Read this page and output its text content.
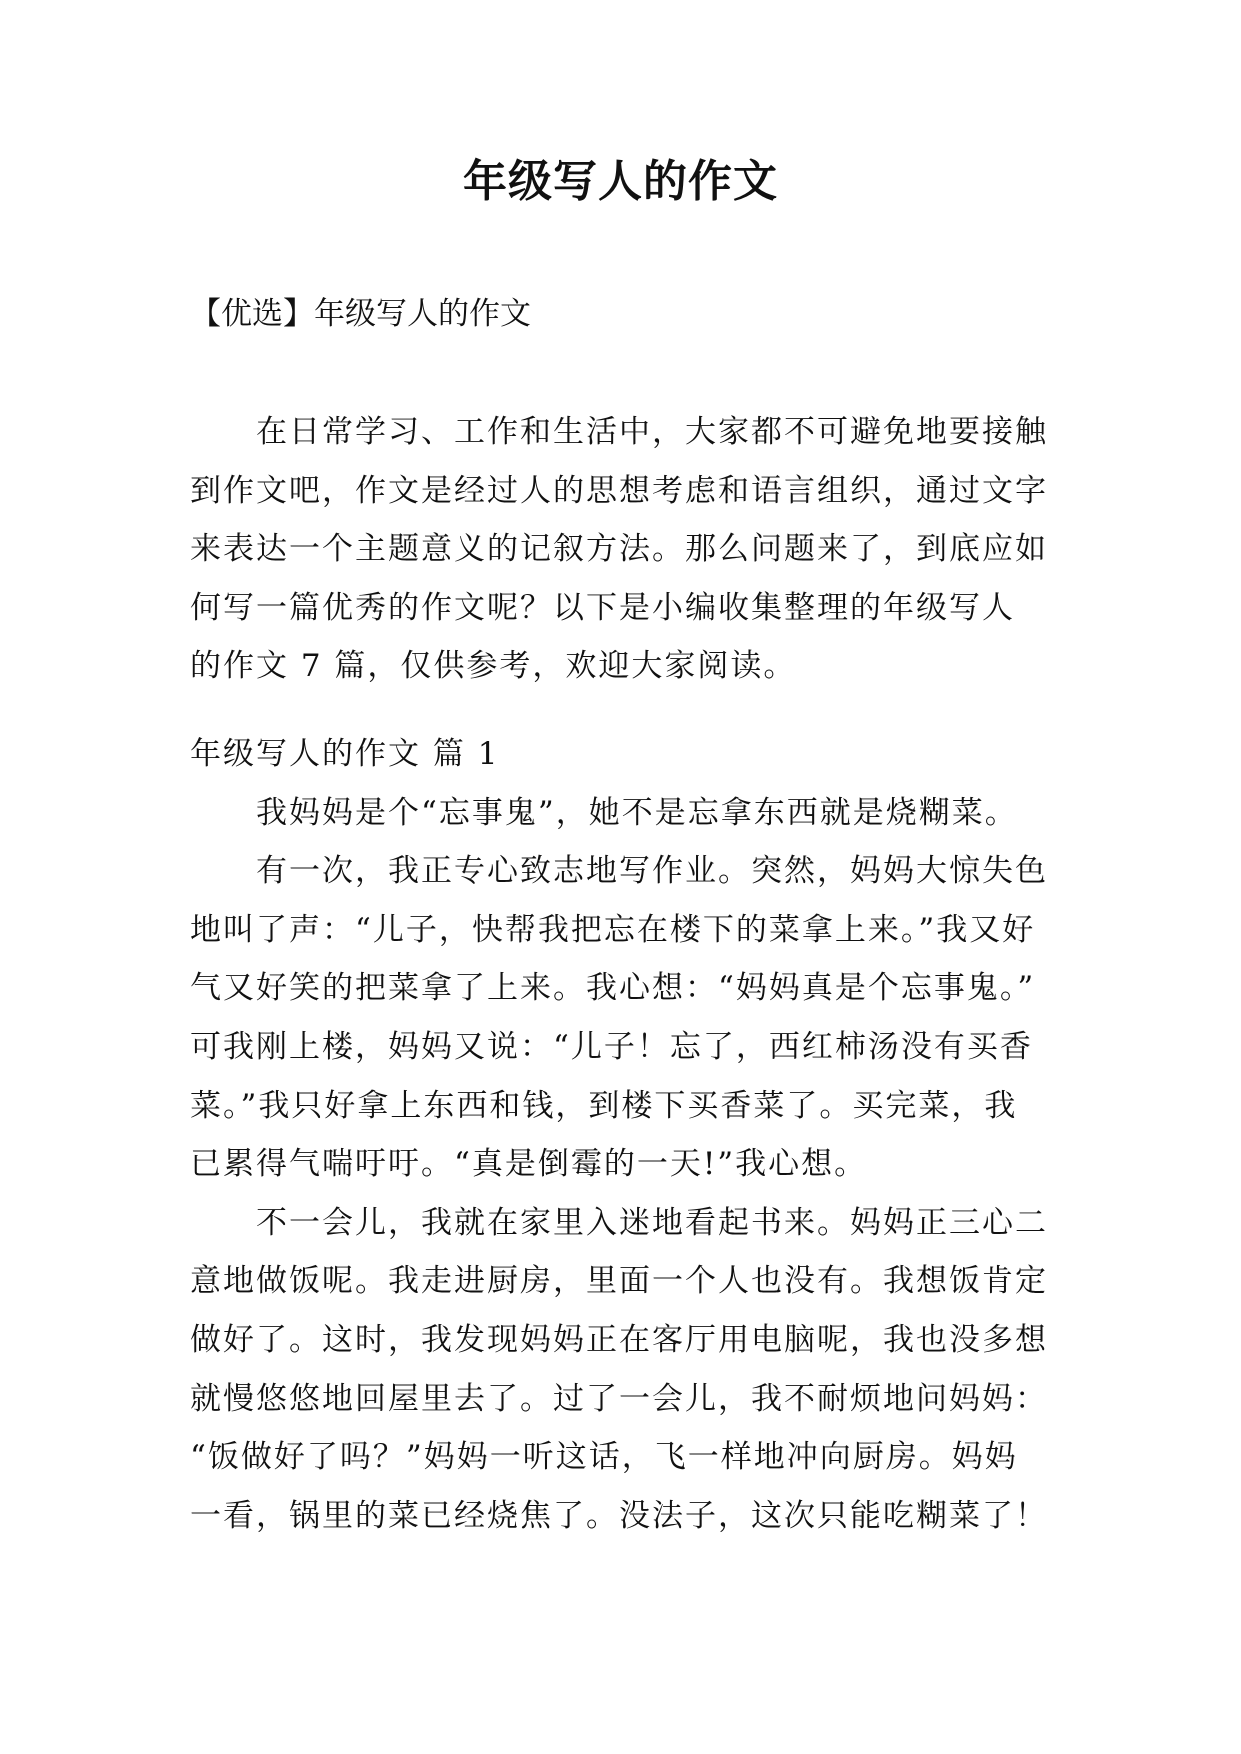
年级写人的作文
【优选】年级写人的作文
在日常学习、工作和生活中，大家都不可避免地要接触
到作文吧，作文是经过人的思想考虑和语言组织，通过文字
来表达一个主题意义的记叙方法。那么问题来了，到底应如
何写一篇优秀的作文呢？以下是小编收集整理的年级写人
的作文 7 篇，仅供参考，欢迎大家阅读。
年级写人的作文 篇 1
我妈妈是个“忘事鬼”，她不是忘拿东西就是烧糊菜。
有一次，我正专心致志地写作业。突然，妈妈大惊失色
地叫了声：“儿子，快帮我把忘在楼下的菜拿上来。”我又好
气又好笑的把菜拿了上来。我心想：“妈妈真是个忘事鬼。”
可我刚上楼，妈妈又说：“儿子！忘了，西红柿汤没有买香
菜。”我只好拿上东西和钱，到楼下买香菜了。买完菜，我
已累得气喘吁吁。“真是倒霉的一天!”我心想。
不一会儿，我就在家里入迷地看起书来。妈妈正三心二
意地做饭呢。我走进厨房，里面一个人也没有。我想饭肯定
做好了。这时，我发现妈妈正在客厅用电脑呢，我也没多想
就慢悠悠地回屋里去了。过了一会儿，我不耐烦地问妈妈：
“饭做好了吗？”妈妈一听这话，飞一样地冲向厨房。妈妈
一看，锅里的菜已经烧焦了。没法子，这次只能吃糊菜了！
